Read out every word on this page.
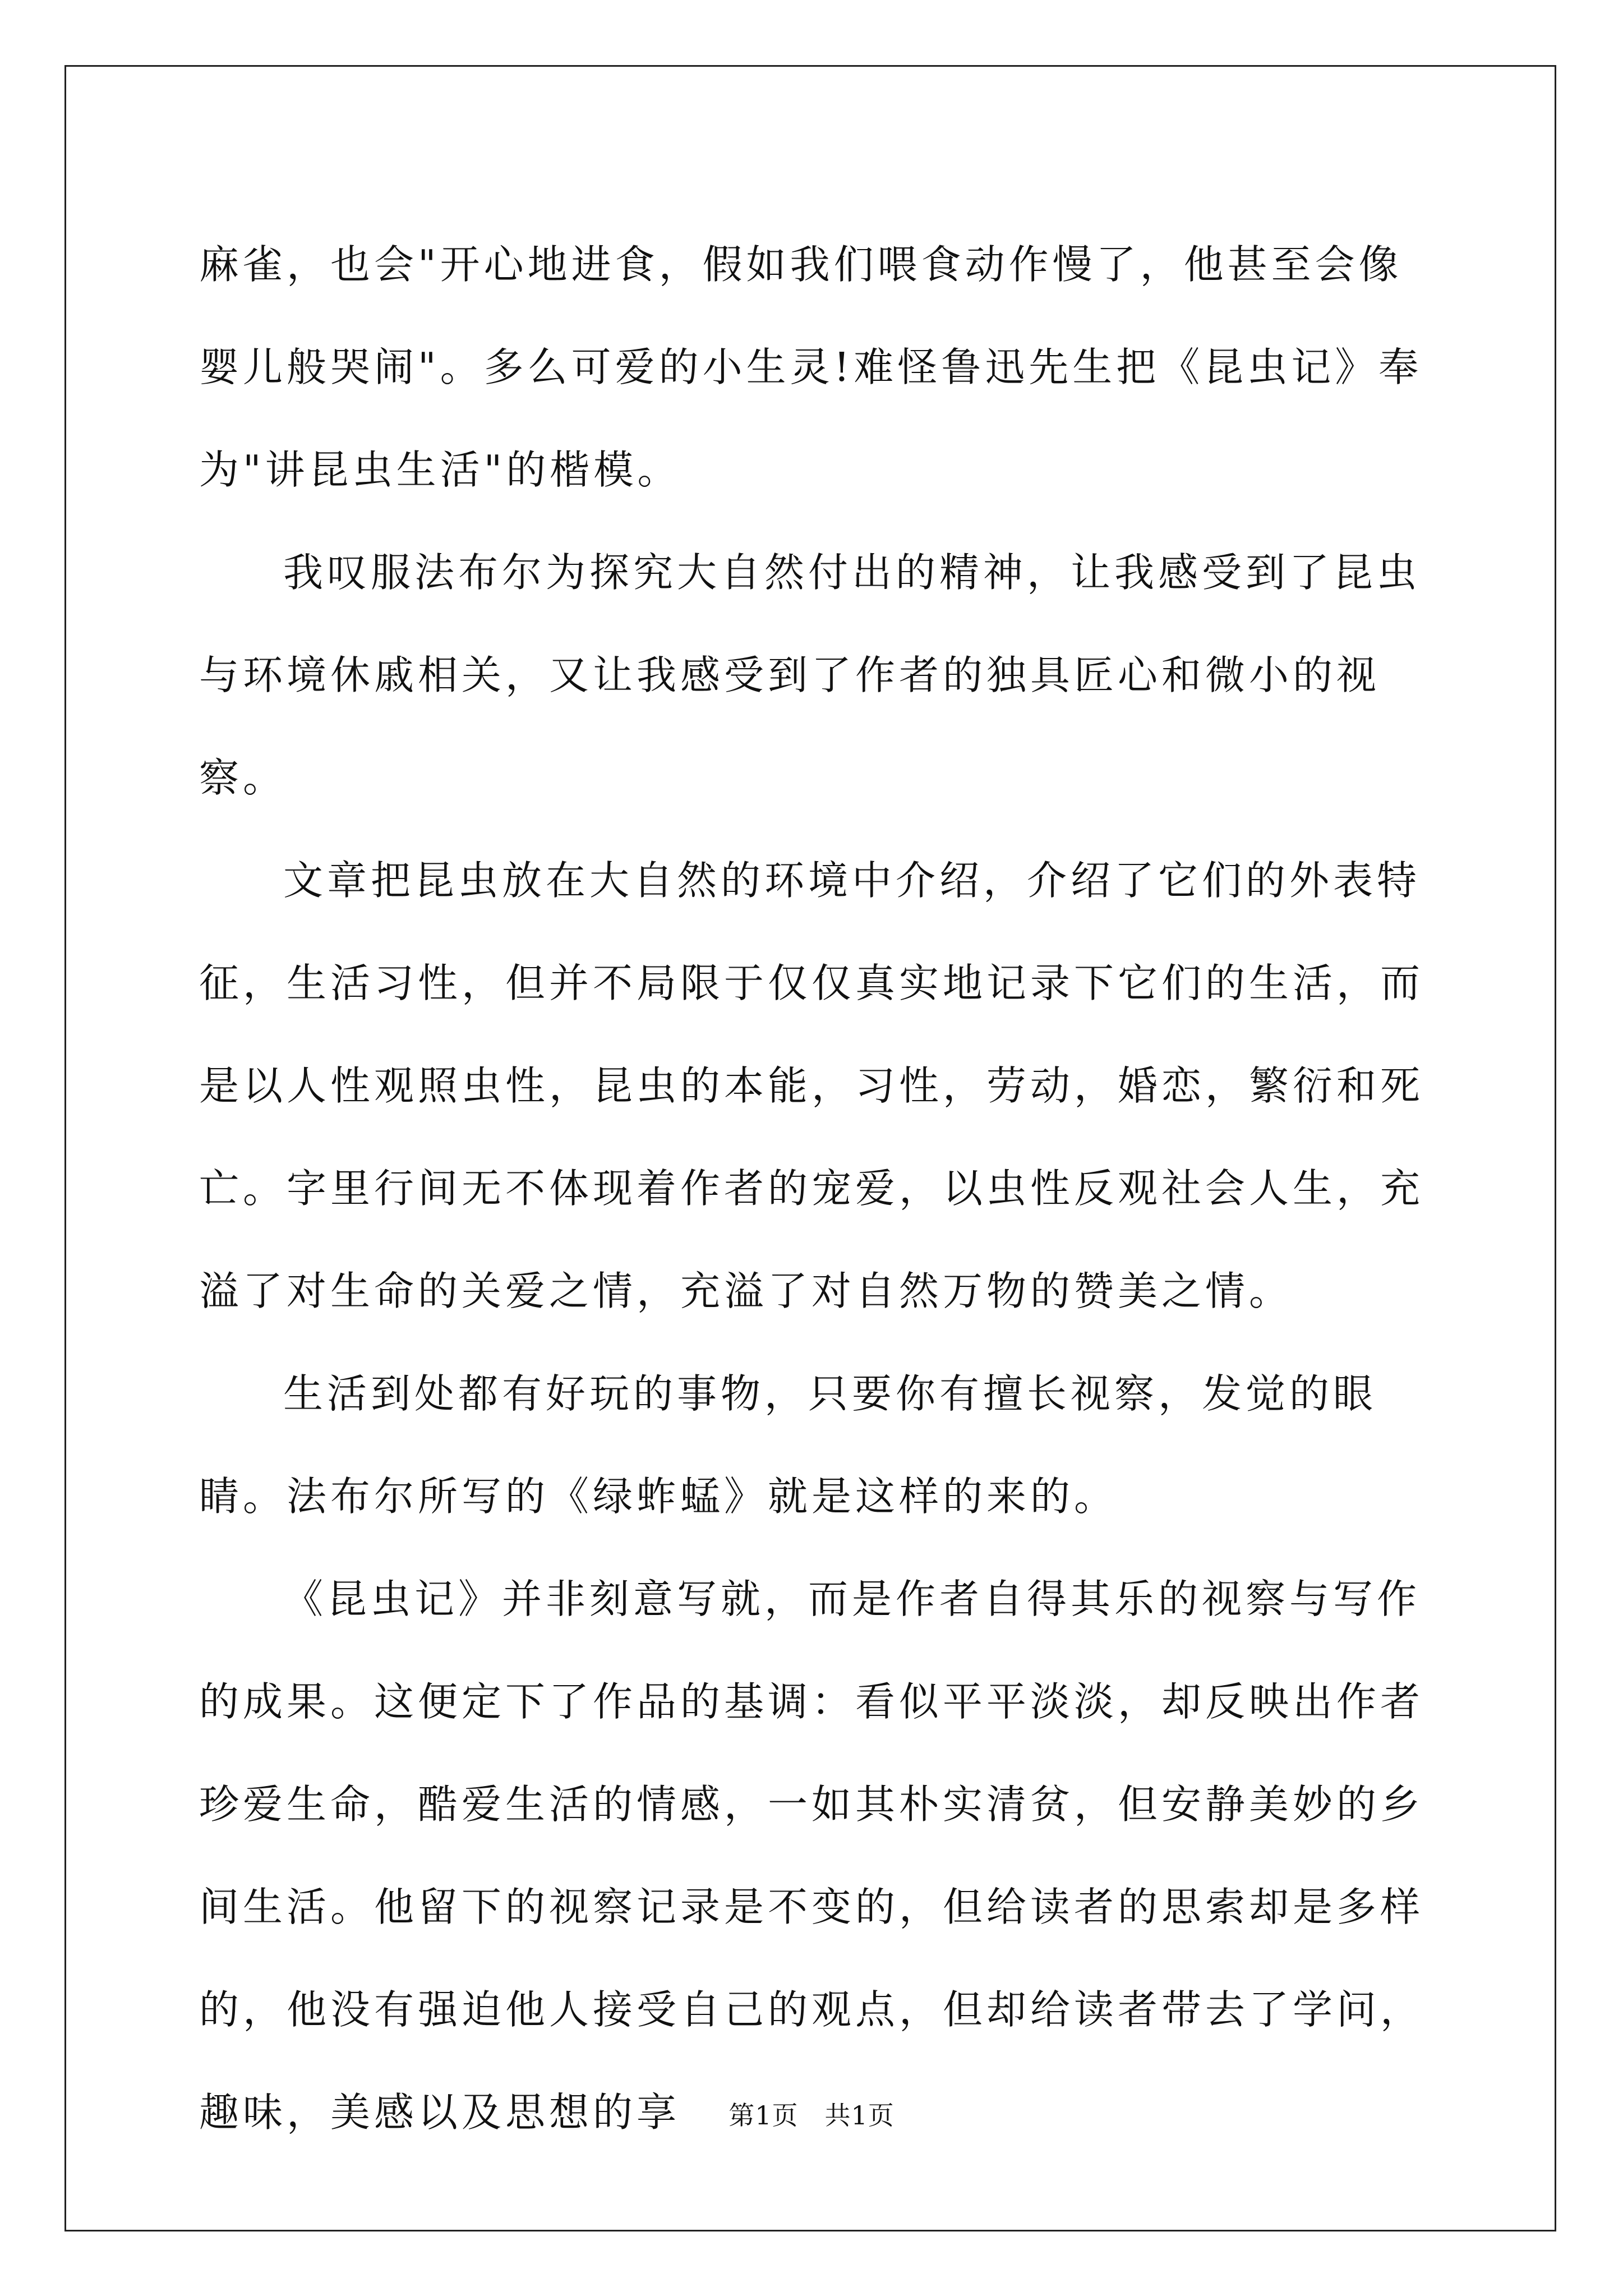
麻雀，也会"开心地进食，假如我们喂食动作慢了，他甚至会像婴儿般哭闹"。多么可爱的小生灵!难怪鲁迅先生把《昆虫记》奉为"讲昆虫生活"的楷模。

我叹服法布尔为探究大自然付出的精神，让我感受到了昆虫与环境休戚相关，又让我感受到了作者的独具匠心和微小的视察。

文章把昆虫放在大自然的环境中介绍，介绍了它们的外表特征，生活习性，但并不局限于仅仅真实地记录下它们的生活，而是以人性观照虫性，昆虫的本能，习性，劳动，婚恋，繁衍和死亡。字里行间无不体现着作者的宠爱，以虫性反观社会人生，充溢了对生命的关爱之情，充溢了对自然万物的赞美之情。

生活到处都有好玩的事物，只要你有擅长视察，发觉的眼睛。法布尔所写的《绿蚱蜢》就是这样的来的。

《昆虫记》并非刻意写就，而是作者自得其乐的视察与写作的成果。这便定下了作品的基调：看似平平淡淡，却反映出作者珍爱生命，酷爱生活的情感，一如其朴实清贫，但安静美妙的乡间生活。他留下的视察记录是不变的，但给读者的思索却是多样的，他没有强迫他人接受自己的观点，但却给读者带去了学问，趣味，美感以及思想的享	第1页　共1页
